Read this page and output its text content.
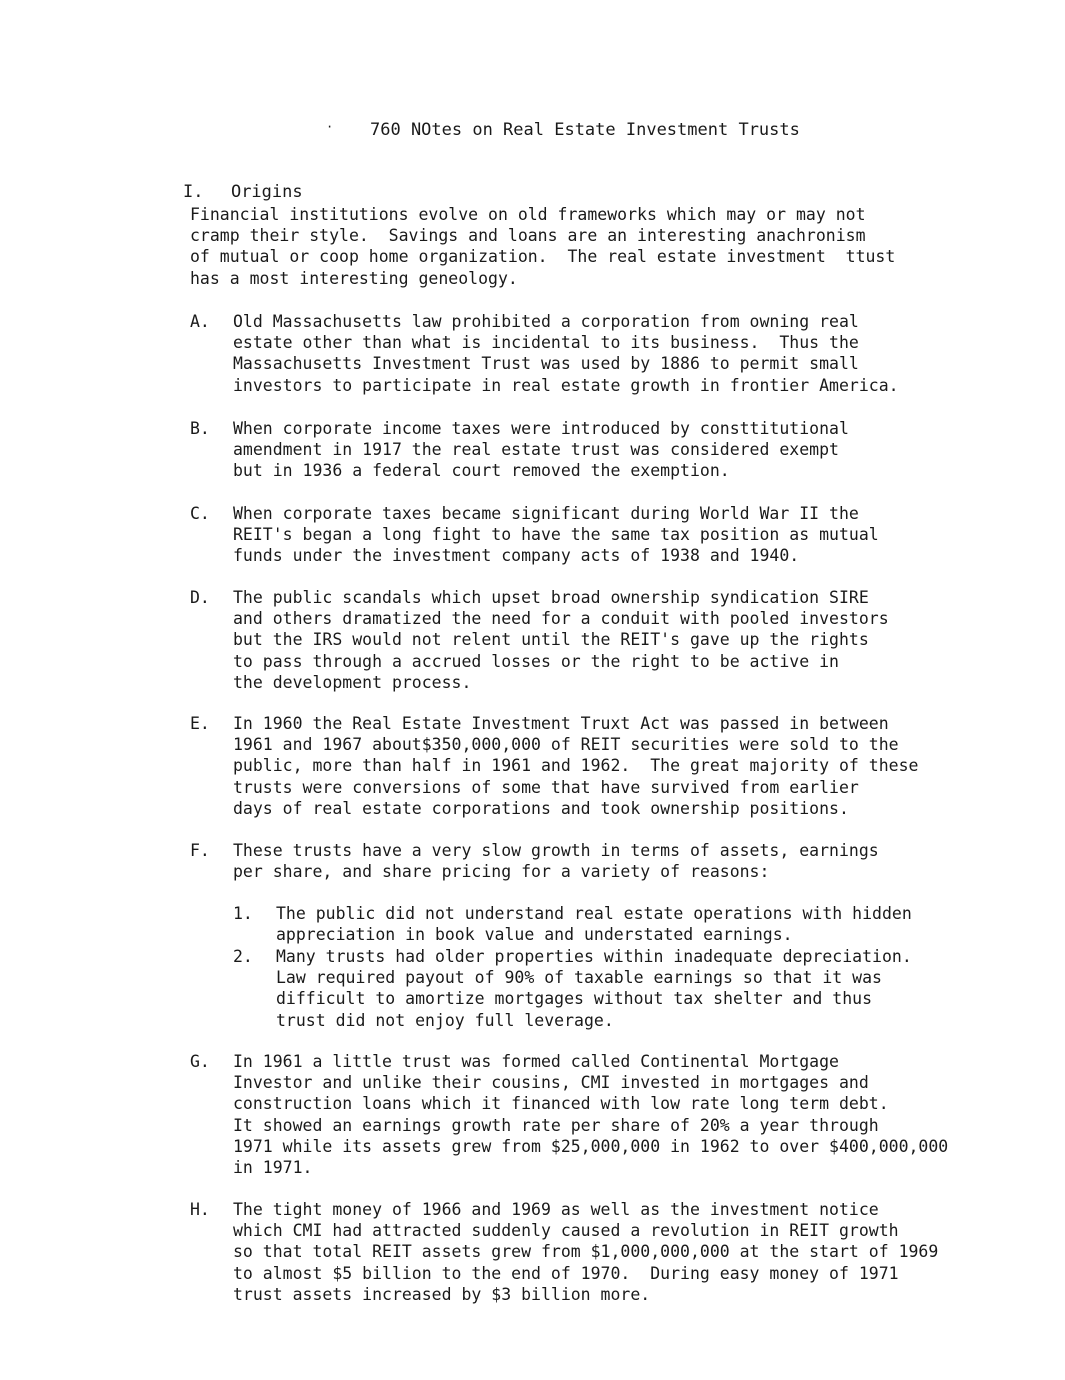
· 760 NOtes on Real Estate Investment Trusts

I. Origins

Financial institutions evolve on old frameworks which may or may not
cramp their style.  Savings and loans are an interesting anachronism
of mutual or coop home organization.  The real estate investment  ttust
has a most interesting geneology.
A.	Old Massachusetts law prohibited a corporation from owning real
estate other than what is incidental to its business.  Thus the
Massachusetts Investment Trust was used by 1886 to permit small
investors to participate in real estate growth in frontier America.
B.	When corporate income taxes were introduced by consttitutional
amendment in 1917 the real estate trust was considered exempt
but in 1936 a federal court removed the exemption.
C.	When corporate taxes became significant during World War II the
REIT's began a long fight to have the same tax position as mutual
funds under the investment company acts of 1938 and 1940.
D.	The public scandals which upset broad ownership syndication SIRE
and others dramatized the need for a conduit with pooled investors
but the IRS would not relent until the REIT's gave up the rights
to pass through a accrued losses or the right to be active in
the development process.
E.	In 1960 the Real Estate Investment Truxt Act was passed in between
1961 and 1967 about$350,000,000 of REIT securities were sold to the
public, more than half in 1961 and 1962.  The great majority of these
trusts were conversions of some that have survived from earlier
days of real estate corporations and took ownership positions.
F.	These trusts have a very slow growth in terms of assets, earnings
per share, and share pricing for a variety of reasons:
1.	The public did not understand real estate operations with hidden
appreciation in book value and understated earnings.
2.	Many trusts had older properties within inadequate depreciation.
Law required payout of 90% of taxable earnings so that it was
difficult to amortize mortgages without tax shelter and thus
trust did not enjoy full leverage.
G.	In 1961 a little trust was formed called Continental Mortgage
Investor and unlike their cousins, CMI invested in mortgages and
construction loans which it financed with low rate long term debt.
It showed an earnings growth rate per share of 20% a year through
1971 while its assets grew from $25,000,000 in 1962 to over $400,000,000
in 1971.
H.	The tight money of 1966 and 1969 as well as the investment notice
which CMI had attracted suddenly caused a revolution in REIT growth
so that total REIT assets grew from $1,000,000,000 at the start of 1969
to almost $5 billion to the end of 1970.  During easy money of 1971
trust assets increased by $3 billion more.
